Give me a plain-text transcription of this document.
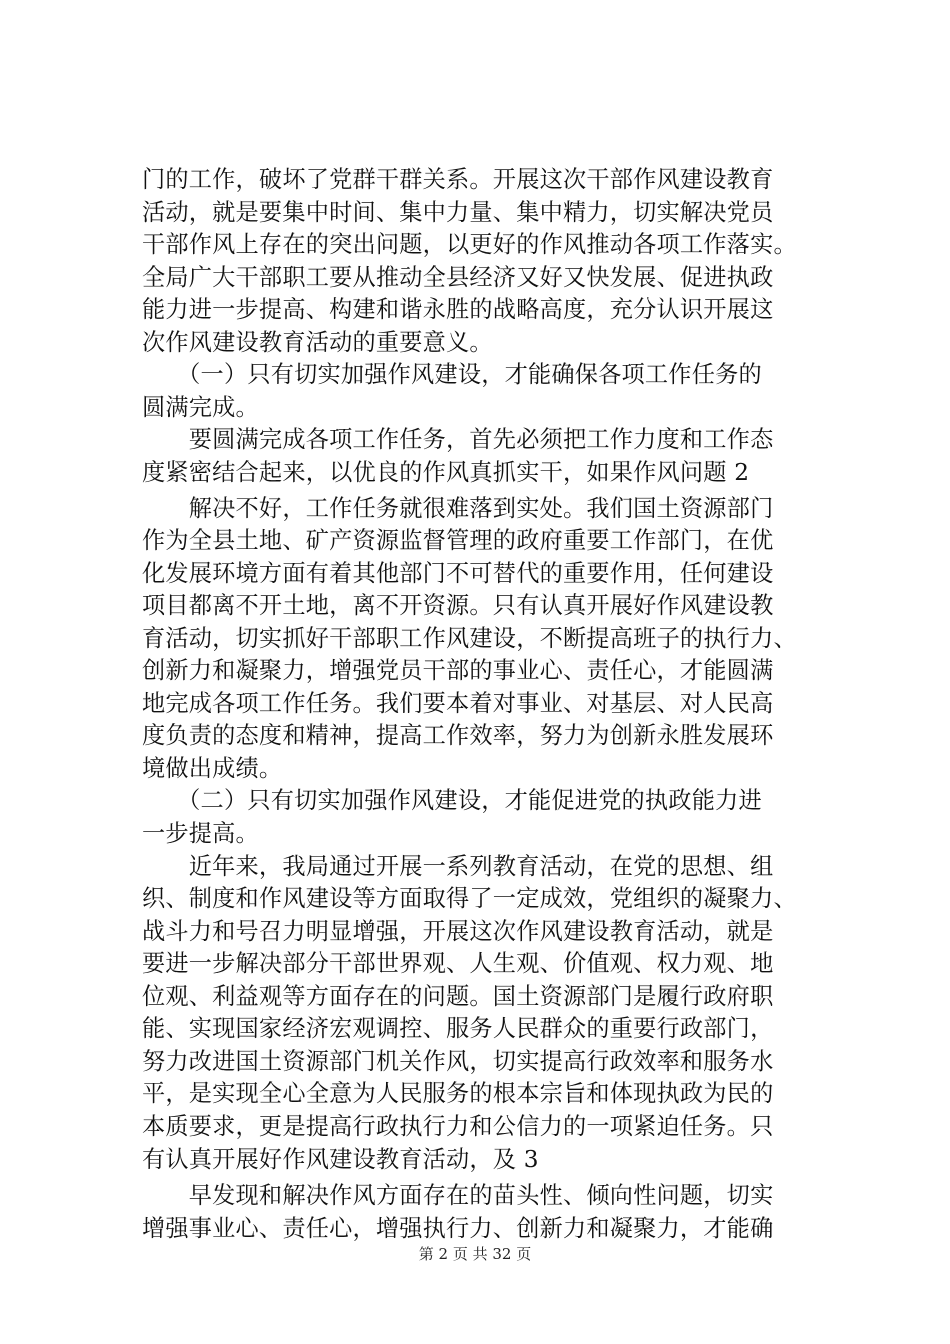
门的工作，破坏了党群干群关系。开展这次干部作风建设教育
活动，就是要集中时间、集中力量、集中精力，切实解决党员
干部作风上存在的突出问题，以更好的作风推动各项工作落实。
全局广大干部职工要从推动全县经济又好又快发展、促进执政
能力进一步提高、构建和谐永胜的战略高度，充分认识开展这
次作风建设教育活动的重要意义。
　　（一）只有切实加强作风建设，才能确保各项工作任务的
圆满完成。
　　要圆满完成各项工作任务，首先必须把工作力度和工作态
度紧密结合起来，以优良的作风真抓实干，如果作风问题 2
　　解决不好，工作任务就很难落到实处。我们国土资源部门
作为全县土地、矿产资源监督管理的政府重要工作部门，在优
化发展环境方面有着其他部门不可替代的重要作用，任何建设
项目都离不开土地，离不开资源。只有认真开展好作风建设教
育活动，切实抓好干部职工作风建设，不断提高班子的执行力、
创新力和凝聚力，增强党员干部的事业心、责任心，才能圆满
地完成各项工作任务。我们要本着对事业、对基层、对人民高
度负责的态度和精神，提高工作效率，努力为创新永胜发展环
境做出成绩。
　　（二）只有切实加强作风建设，才能促进党的执政能力进
一步提高。
　　近年来，我局通过开展一系列教育活动，在党的思想、组
织、制度和作风建设等方面取得了一定成效，党组织的凝聚力、
战斗力和号召力明显增强，开展这次作风建设教育活动，就是
要进一步解决部分干部世界观、人生观、价值观、权力观、地
位观、利益观等方面存在的问题。国土资源部门是履行政府职
能、实现国家经济宏观调控、服务人民群众的重要行政部门，
努力改进国土资源部门机关作风，切实提高行政效率和服务水
平，是实现全心全意为人民服务的根本宗旨和体现执政为民的
本质要求，更是提高行政执行力和公信力的一项紧迫任务。只
有认真开展好作风建设教育活动，及 3
　　早发现和解决作风方面存在的苗头性、倾向性问题，切实
增强事业心、责任心，增强执行力、创新力和凝聚力，才能确
第 2 页 共 32 页
